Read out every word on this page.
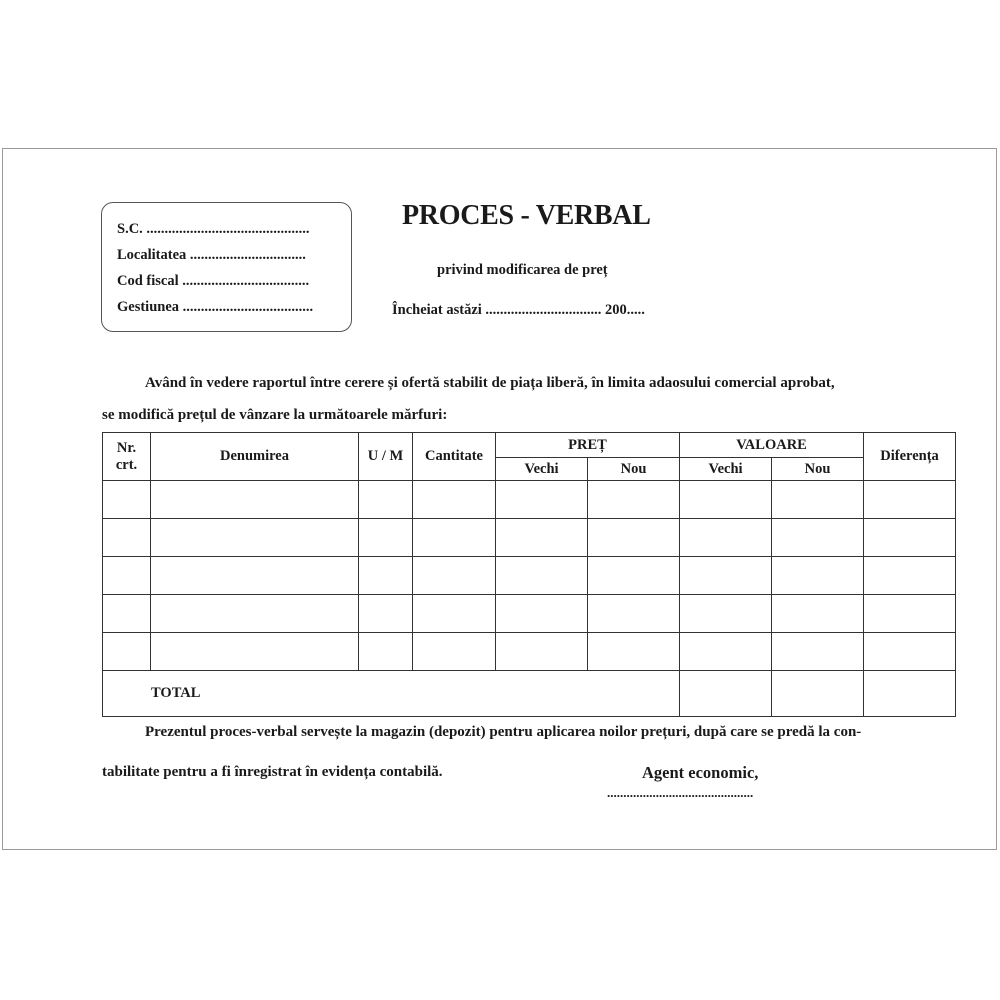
S.C. .............................................
Localitatea ................................
Cod fiscal ...................................
Gestiunea ....................................
PROCES - VERBAL
privind modificarea de preț
Încheiat astăzi ................................ 200.....
Având în vedere raportul între cerere și ofertă stabilit de piața liberă, în limita adaosului comercial aprobat,
se modifică prețul de vânzare la următoarele mărfuri:
Nr.
crt.	Denumirea	U / M	Cantitate	PREȚ		VALOARE		Diferența
				Vechi	Nou	Vechi	Nou	

TOTAL								
Prezentul proces-verbal servește la magazin (depozit) pentru aplicarea noilor prețuri, după care se predă la con-
tabilitate pentru a fi înregistrat în evidența contabilă.	Agent economic,
.............................................
